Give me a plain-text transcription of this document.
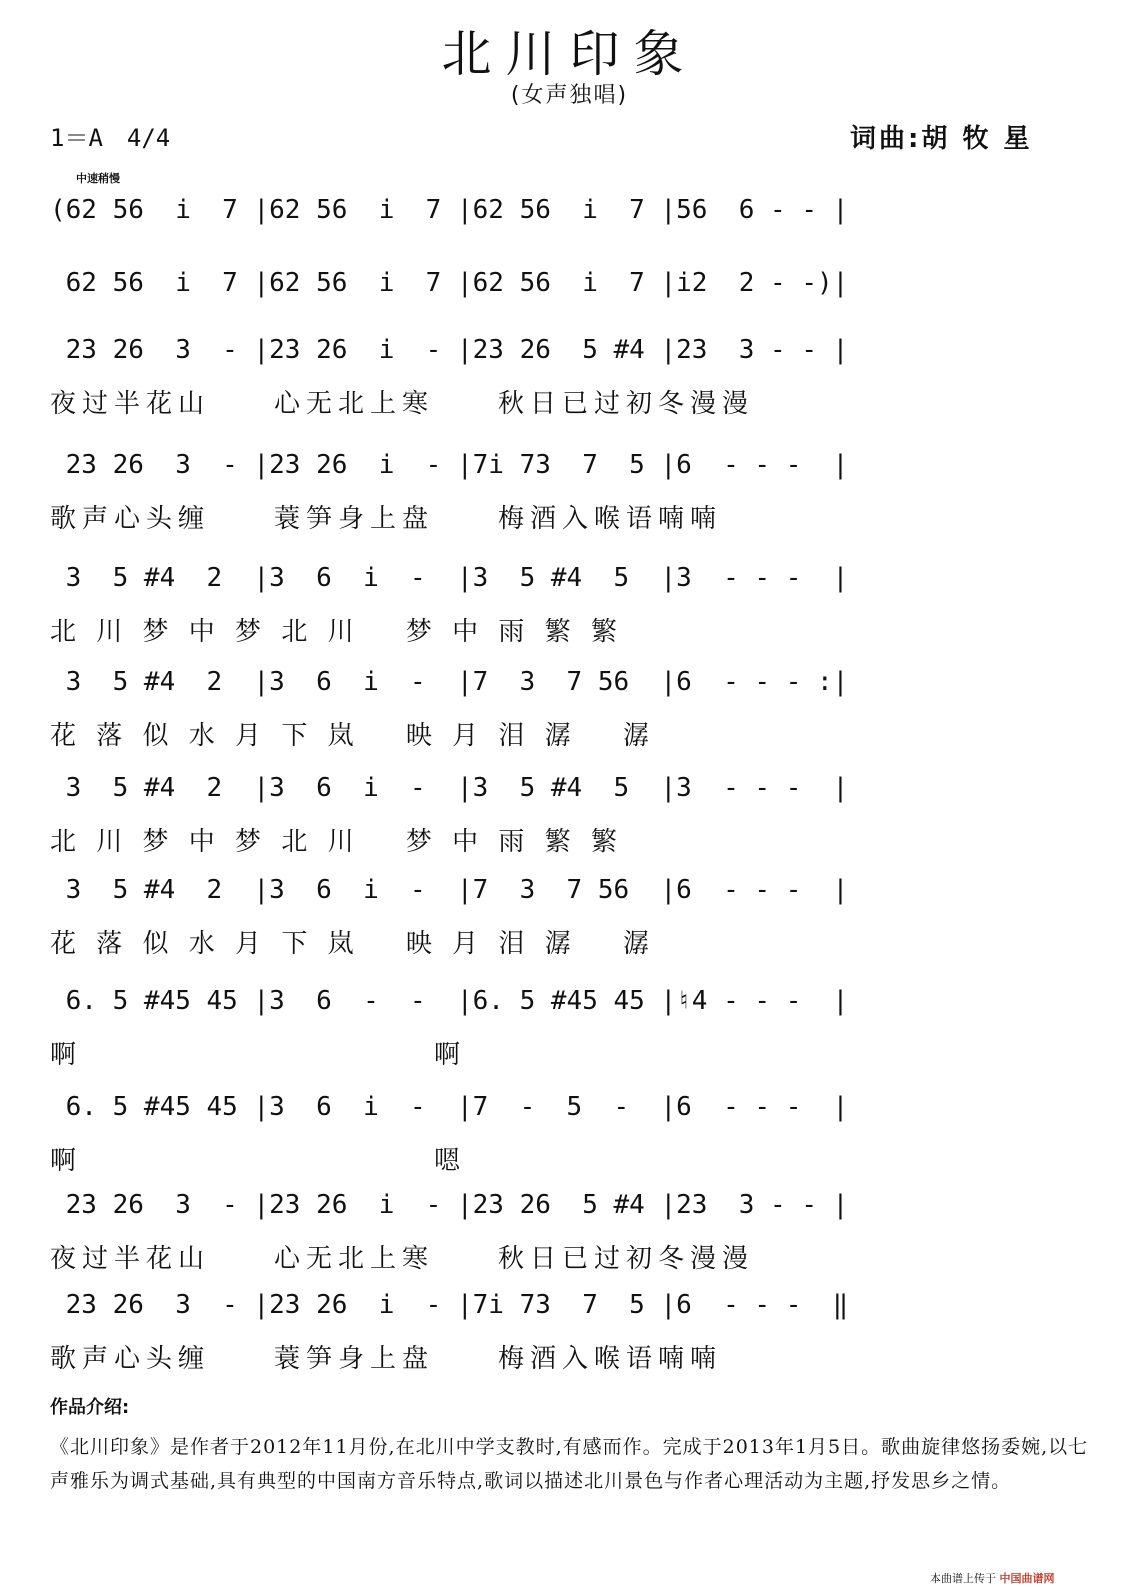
北川印象
(女声独唱)
1＝A　4/4	词曲:胡 牧 星
中速稍慢
(62 56  i  7 |62 56  i  7 |62 56  i  7 |56  6 - - |
62 56  i  7 |62 56  i  7 |62 56  i  7 |i2  2 - -)|
23 26  3  - |23 26  i  - |23 26  5 #4 |23  3 - - |
夜过半花山　　心无北上寒　　秋日已过初冬漫漫
23 26  3  - |23 26  i  - |7i 73  7  5 |6  - - -  |
歌声心头缠　　蓑笋身上盘　　梅酒入喉语喃喃
3  5 #4  2  |3  6  i  -  |3  5 #4  5  |3  - - -  |
北 川 梦 中 梦 北 川　 梦 中 雨 繁 繁
3  5 #4  2  |3  6  i  -  |7  3  7 56  |6  - - - :|
花 落 似 水 月 下 岚　 映 月 泪 潺　 潺
3  5 #4  2  |3  6  i  -  |3  5 #4  5  |3  - - -  |
北 川 梦 中 梦 北 川　 梦 中 雨 繁 繁
3  5 #4  2  |3  6  i  -  |7  3  7 56  |6  - - -  |
花 落 似 水 月 下 岚　 映 月 泪 潺　 潺
6. 5 #45 45 |3  6  -  -  |6. 5 #45 45 |♮4 - - -  |
啊　　　　　　　　　　　啊
6. 5 #45 45 |3  6  i  -  |7  -  5  -  |6  - - -  |
啊　　　　　　　　　　　嗯
23 26  3  - |23 26  i  - |23 26  5 #4 |23  3 - - |
夜过半花山　　心无北上寒　　秋日已过初冬漫漫
23 26  3  - |23 26  i  - |7i 73  7  5 |6  - - -  ‖
歌声心头缠　　蓑笋身上盘　　梅酒入喉语喃喃
作品介绍:
《北川印象》是作者于2012年11月份,在北川中学支教时,有感而作。完成于2013年1月5日。歌曲旋律悠扬委婉,以七声雅乐为调式基础,具有典型的中国南方音乐特点,歌词以描述北川景色与作者心理活动为主题,抒发思乡之情。
本曲谱上传于 中国曲谱网
